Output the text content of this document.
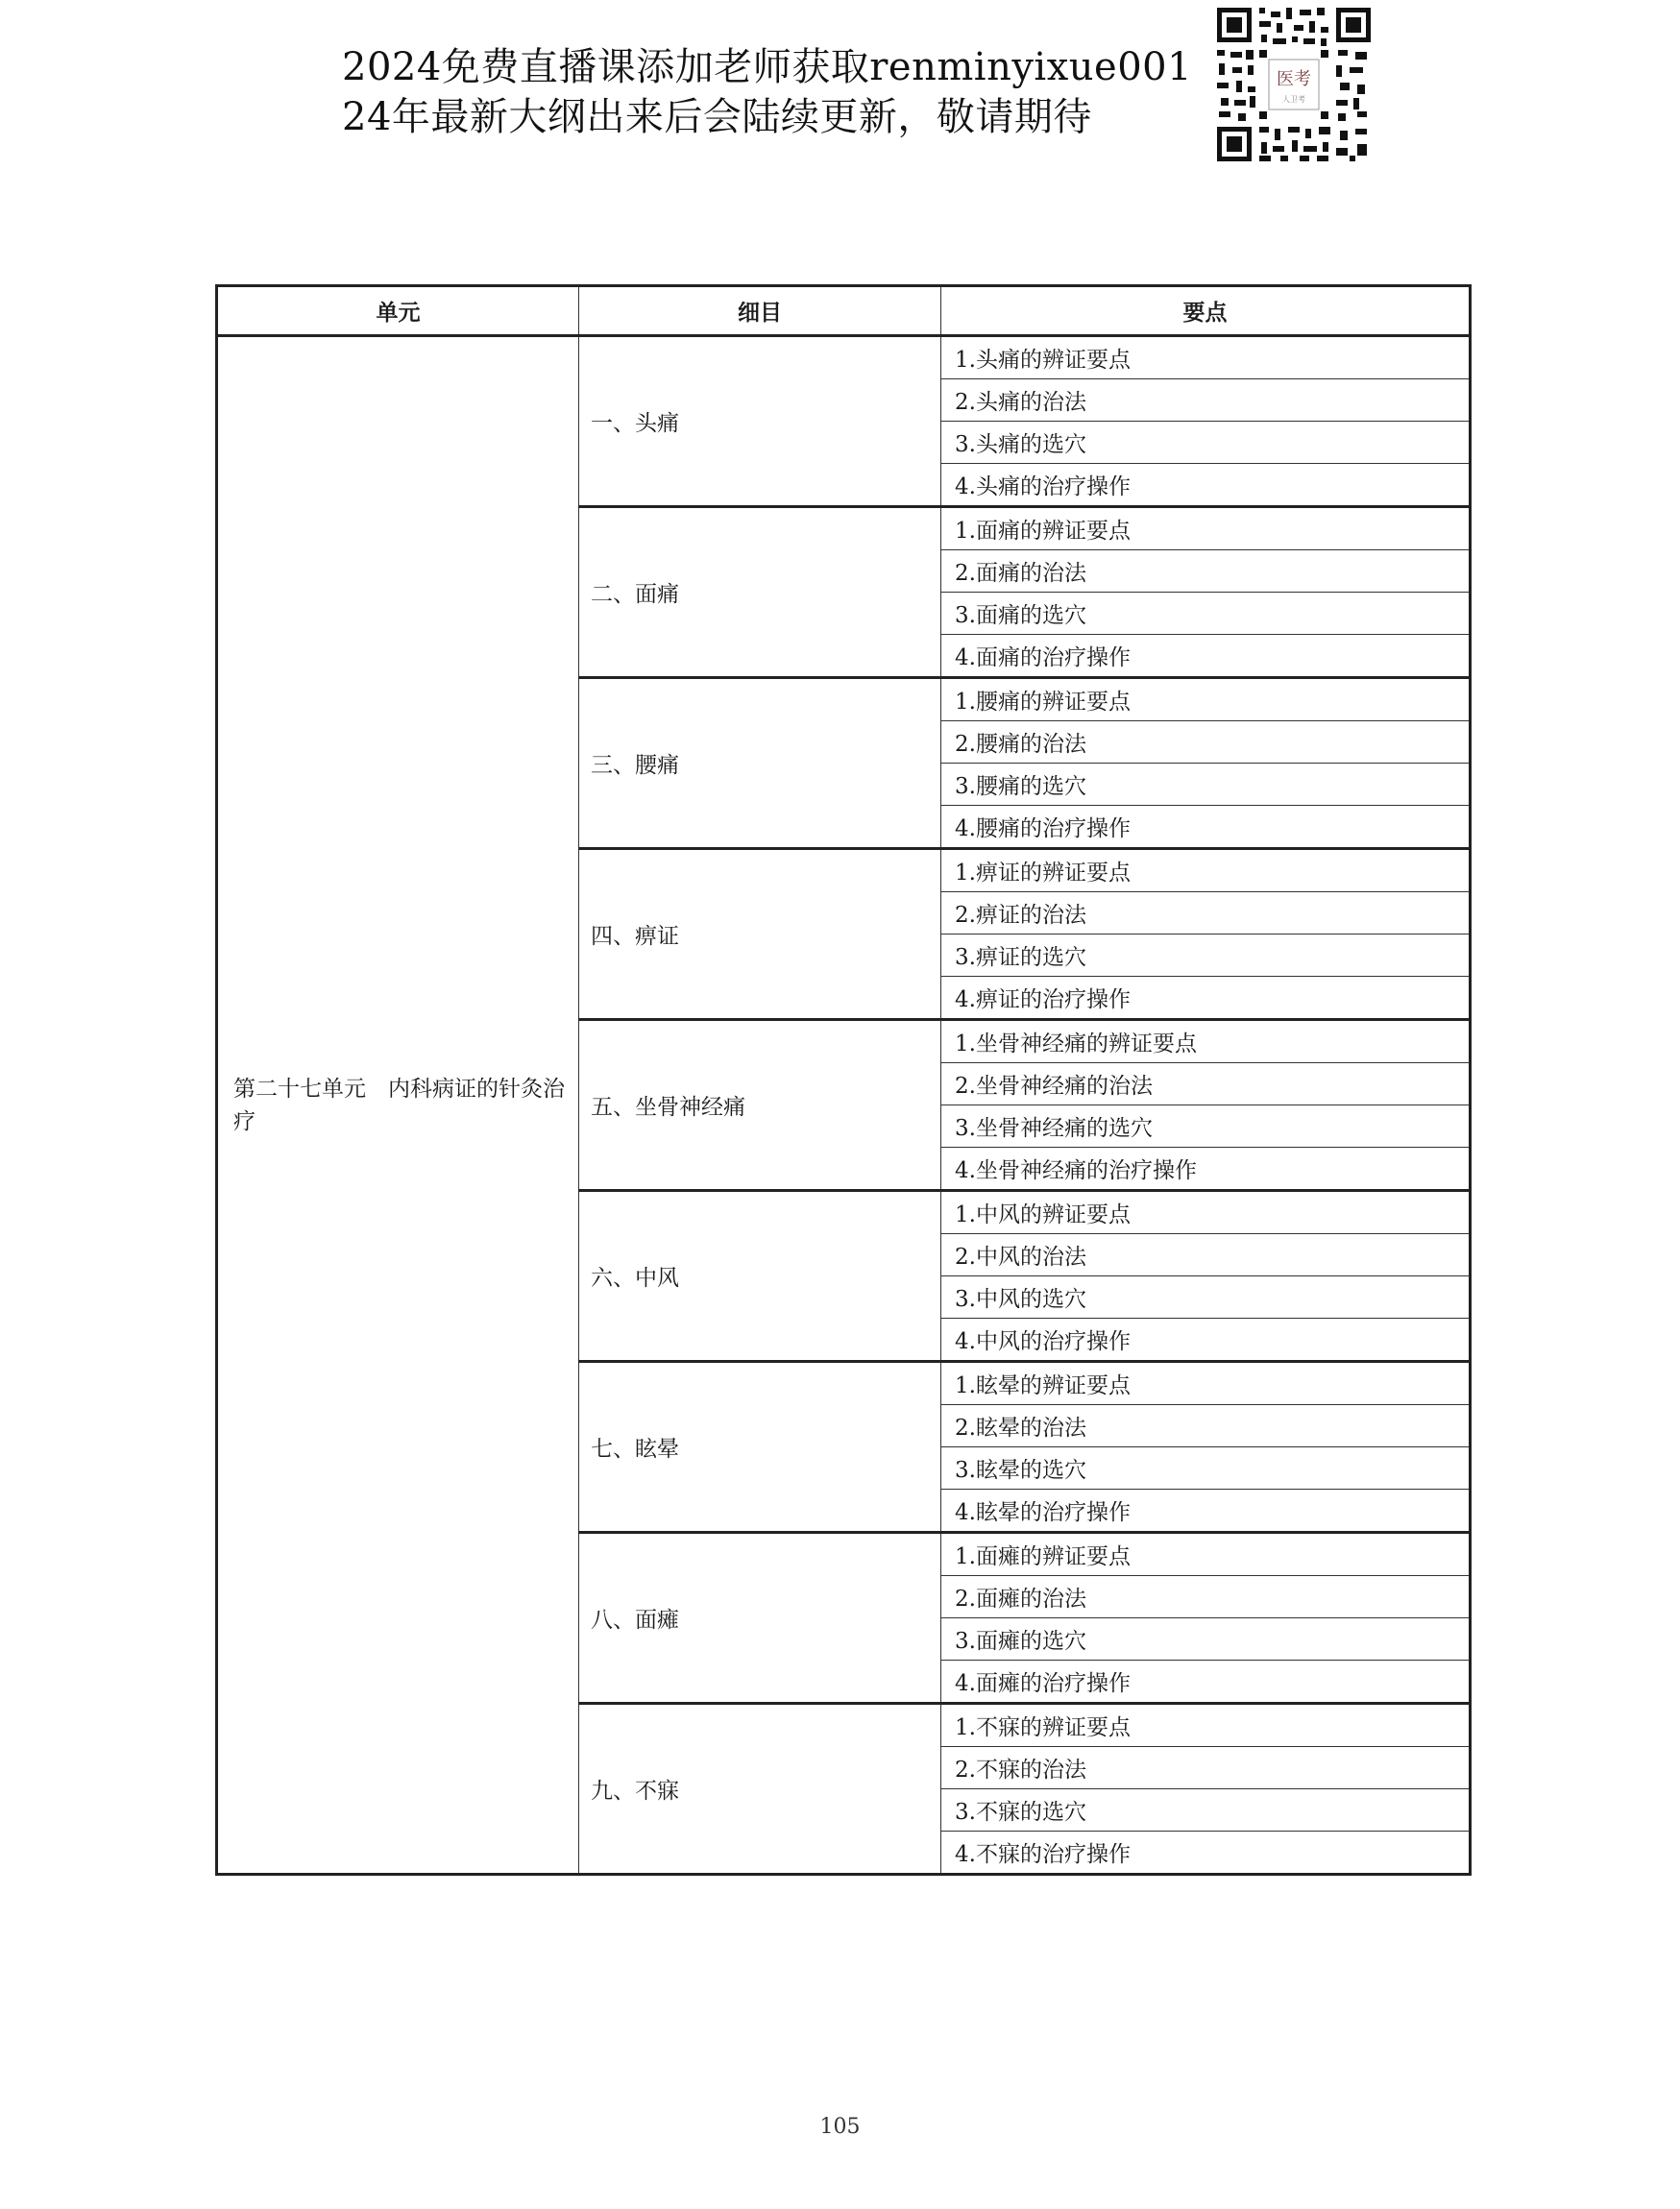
2024免费直播课添加老师获取renminyixue001
24年最新大纲出来后会陆续更新，敬请期待
医考
人卫考
单元	细目	要点
第二十七单元　内科病证的针灸治疗	一、头痛	1.头痛的辨证要点
		2.头痛的治法
		3.头痛的选穴
		4.头痛的治疗操作
	二、面痛	1.面痛的辨证要点
		2.面痛的治法
		3.面痛的选穴
		4.面痛的治疗操作
	三、腰痛	1.腰痛的辨证要点
		2.腰痛的治法
		3.腰痛的选穴
		4.腰痛的治疗操作
	四、痹证	1.痹证的辨证要点
		2.痹证的治法
		3.痹证的选穴
		4.痹证的治疗操作
	五、坐骨神经痛	1.坐骨神经痛的辨证要点
		2.坐骨神经痛的治法
		3.坐骨神经痛的选穴
		4.坐骨神经痛的治疗操作
	六、中风	1.中风的辨证要点
		2.中风的治法
		3.中风的选穴
		4.中风的治疗操作
	七、眩晕	1.眩晕的辨证要点
		2.眩晕的治法
		3.眩晕的选穴
		4.眩晕的治疗操作
	八、面瘫	1.面瘫的辨证要点
		2.面瘫的治法
		3.面瘫的选穴
		4.面瘫的治疗操作
	九、不寐	1.不寐的辨证要点
		2.不寐的治法
		3.不寐的选穴
		4.不寐的治疗操作
105
